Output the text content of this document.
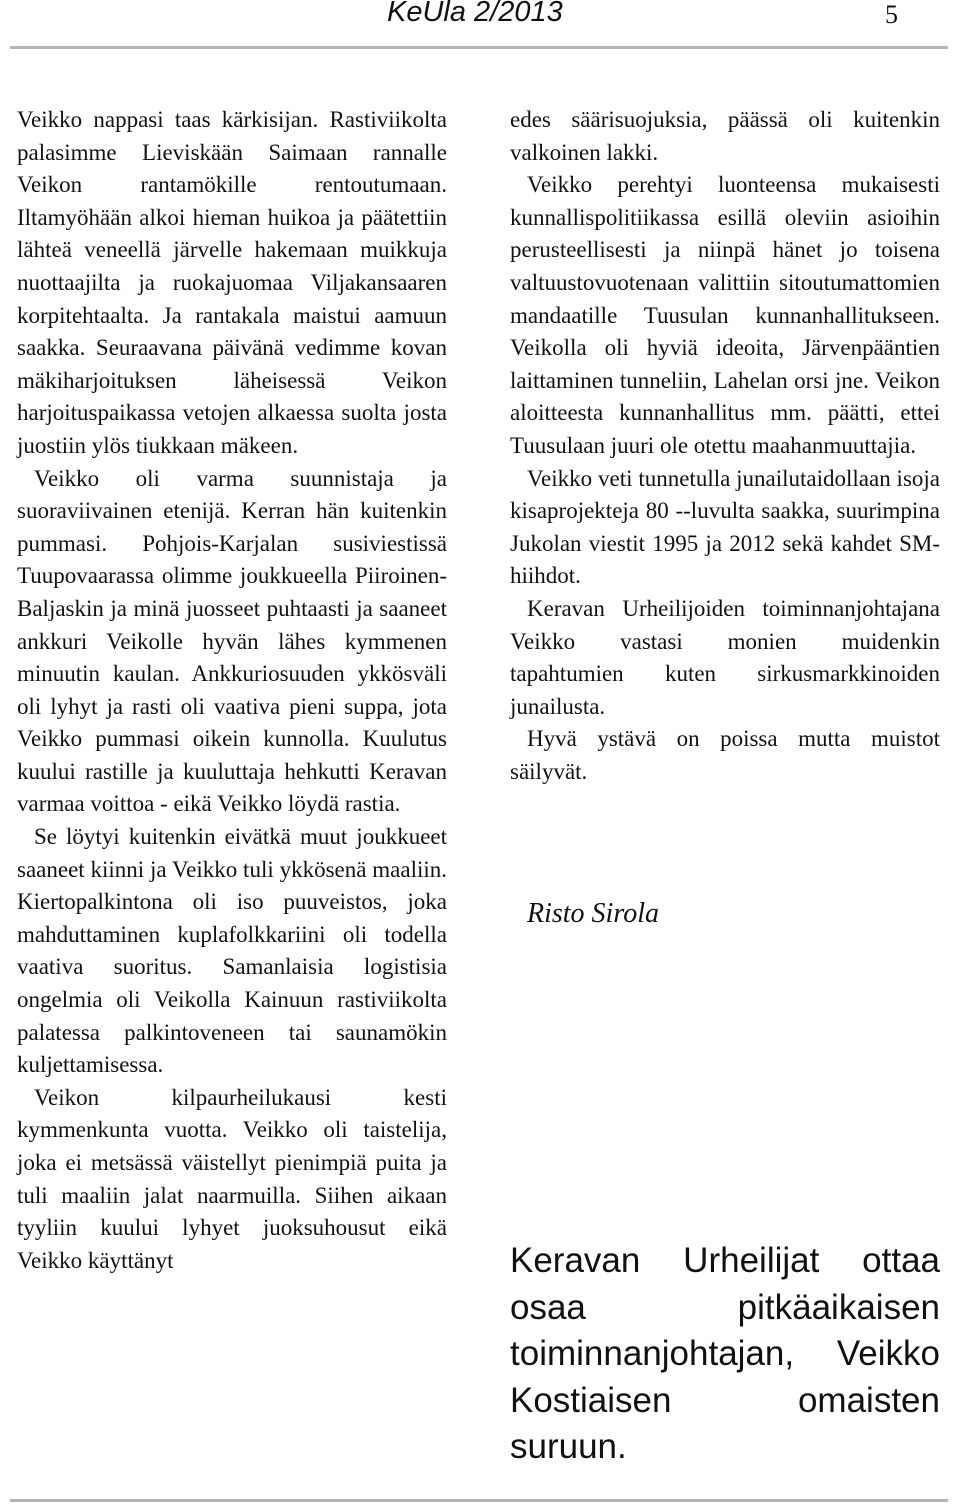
KeUla 2/2013	5

Veikko nappasi taas kärkisijan. Rastiviikolta palasimme Lieviskään Saimaan rannalle Veikon rantamökille rentoutumaan. Iltamyöhään alkoi hieman huikoa ja päätettiin lähteä veneellä järvelle hakemaan muikkuja nuottaajilta ja ruokajuomaa Viljakansaaren korpitehtaalta. Ja rantakala maistui aamuun saakka. Seuraavana päivänä vedimme kovan mäkiharjoituksen läheisessä Veikon harjoituspaikassa vetojen alkaessa suolta josta juostiin ylös tiukkaan mäkeen.

Veikko oli varma suunnistaja ja suoraviivainen etenijä. Kerran hän kuitenkin pummasi. Pohjois-Karjalan susiviestissä Tuupovaarassa olimme joukkueella Piiroinen-Baljaskin ja minä juosseet puhtaasti ja saaneet ankkuri Veikolle hyvän lähes kymmenen minuutin kaulan. Ankkuriosuuden ykkösväli oli lyhyt ja rasti oli vaativa pieni suppa, jota Veikko pummasi oikein kunnolla. Kuulutus kuului rastille ja kuuluttaja hehkutti Keravan varmaa voittoa - eikä Veikko löydä rastia.

Se löytyi kuitenkin eivätkä muut joukkueet saaneet kiinni ja Veikko tuli ykkösenä maaliin. Kiertopalkintona oli iso puuveistos, joka mahduttaminen kuplafolkkariini oli todella vaativa suoritus. Samanlaisia logistisia ongelmia oli Veikolla Kainuun rastiviikolta palatessa palkintoveneen tai saunamökin kuljettamisessa.

Veikon kilpaurheilukausi kesti kymmenkunta vuotta. Veikko oli taistelija, joka ei metsässä väistellyt pienimpiä puita ja tuli maaliin jalat naarmuilla. Siihen aikaan tyyliin kuului lyhyet juoksuhousut eikä Veikko käyttänyt

edes säärisuojuksia, päässä oli kuitenkin valkoinen lakki.

Veikko perehtyi luonteensa mukaisesti kunnallispolitiikassa esillä oleviin asioihin perusteellisesti ja niinpä hänet jo toisena valtuustovuotenaan valittiin sitoutumattomien mandaatille Tuusulan kunnanhallitukseen. Veikolla oli hyviä ideoita, Järvenpääntien laittaminen tunneliin, Lahelan orsi jne. Veikon aloitteesta kunnanhallitus mm. päätti, ettei Tuusulaan juuri ole otettu maahanmuuttajia.

Veikko veti tunnetulla junailutaidollaan isoja kisaprojekteja 80 --luvulta saakka, suurimpina Jukolan viestit 1995 ja 2012 sekä kahdet SM-hiihdot.

Keravan Urheilijoiden toiminnanjohtajana Veikko vastasi monien muidenkin tapahtumien kuten sirkusmarkkinoiden junailusta.

Hyvä ystävä on poissa mutta muistot säilyvät.

Risto Sirola
Keravan Urheilijat ottaa osaa pitkäaikaisen toiminnanjohtajan, Veikko Kostiaisen omaisten suruun.
